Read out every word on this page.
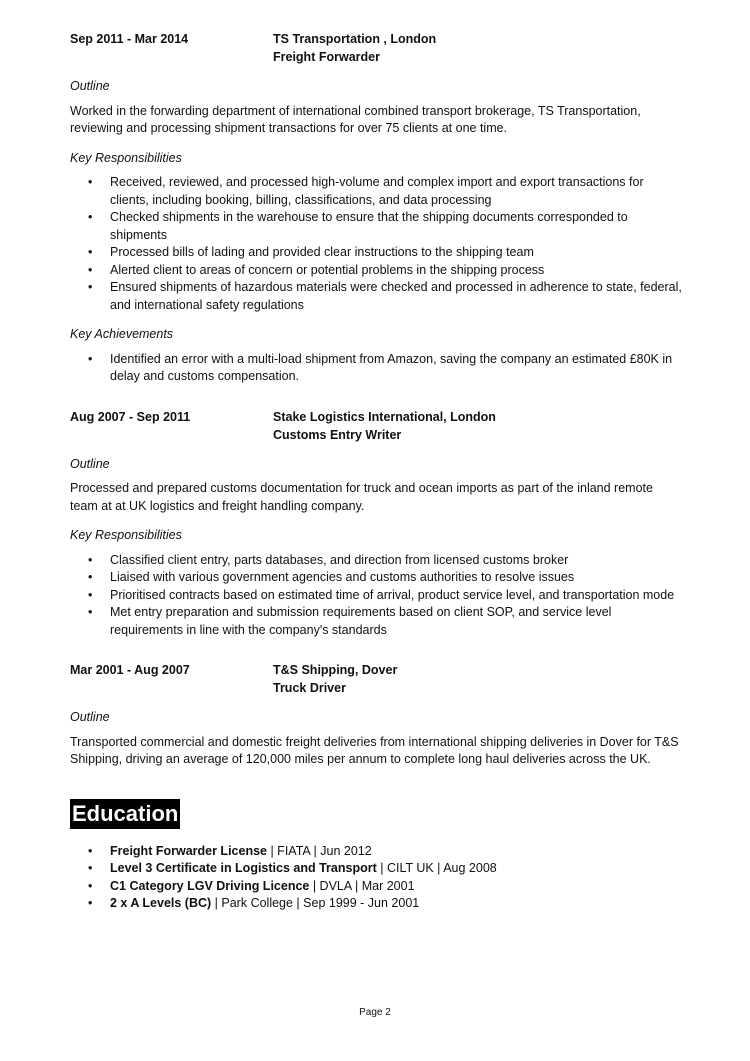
Sep 2011 - Mar 2014	TS Transportation , London
Freight Forwarder
Outline

Worked in the forwarding department of international combined transport brokerage, TS Transportation, reviewing and processing shipment transactions for over 75 clients at one time.

Key Responsibilities
• Received, reviewed, and processed high-volume and complex import and export transactions for clients, including booking, billing, classifications, and data processing
• Checked shipments in the warehouse to ensure that the shipping documents corresponded to shipments
• Processed bills of lading and provided clear instructions to the shipping team
• Alerted client to areas of concern or potential problems in the shipping process
• Ensured shipments of hazardous materials were checked and processed in adherence to state, federal, and international safety regulations
Key Achievements
• Identified an error with a multi-load shipment from Amazon, saving the company an estimated £80K in delay and customs compensation.
Aug 2007 - Sep 2011	Stake Logistics International, London
Customs Entry Writer
Outline

Processed and prepared customs documentation for truck and ocean imports as part of the inland remote team at at UK logistics and freight handling company.

Key Responsibilities
• Classified client entry, parts databases, and direction from licensed customs broker
• Liaised with various government agencies and customs authorities to resolve issues
• Prioritised contracts based on estimated time of arrival, product service level, and transportation mode
• Met entry preparation and submission requirements based on client SOP, and service level requirements in line with the company's standards
Mar 2001 - Aug 2007	T&S Shipping, Dover
Truck Driver
Outline

Transported commercial and domestic freight deliveries from international shipping deliveries in Dover for T&S Shipping, driving an average of 120,000 miles per annum to complete long haul deliveries across the UK.

Education
• Freight Forwarder License | FIATA | Jun 2012
• Level 3 Certificate in Logistics and Transport | CILT UK | Aug 2008
• C1 Category LGV Driving Licence | DVLA | Mar 2001
• 2 x A Levels (BC) | Park College | Sep 1999 - Jun 2001
Page 2
